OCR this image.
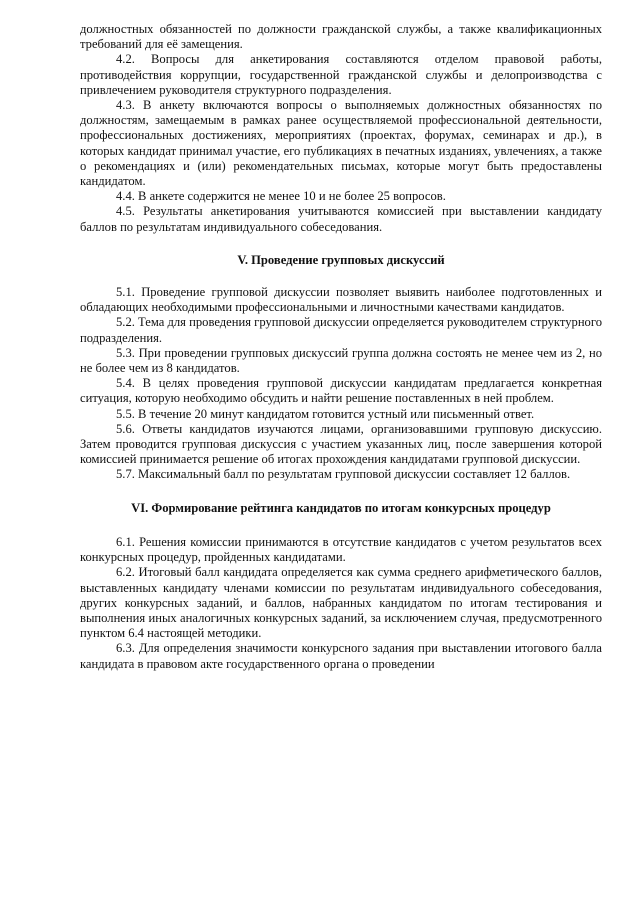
должностных обязанностей по должности гражданской службы, а также квалификационных требований для её замещения.

4.2. Вопросы для анкетирования составляются отделом правовой работы, противодействия коррупции, государственной гражданской службы и делопроизводства с привлечением руководителя структурного подразделения.

4.3. В анкету включаются вопросы о выполняемых должностных обязанностях по должностям, замещаемым в рамках ранее осуществляемой профессиональной деятельности, профессиональных достижениях, мероприятиях (проектах, форумах, семинарах и др.), в которых кандидат принимал участие, его публикациях в печатных изданиях, увлечениях, а также о рекомендациях и (или) рекомендательных письмах, которые могут быть предоставлены кандидатом.

4.4. В анкете содержится не менее 10 и не более 25 вопросов.

4.5. Результаты анкетирования учитываются комиссией при выставлении кандидату баллов по результатам индивидуального собеседования.

V. Проведение групповых дискуссий

5.1. Проведение групповой дискуссии позволяет выявить наиболее подготовленных и обладающих необходимыми профессиональными и личностными качествами кандидатов.

5.2. Тема для проведения групповой дискуссии определяется руководителем структурного подразделения.

5.3. При проведении групповых дискуссий группа должна состоять не менее чем из 2, но не более чем из 8 кандидатов.

5.4. В целях проведения групповой дискуссии кандидатам предлагается конкретная ситуация, которую необходимо обсудить и найти решение поставленных в ней проблем.

5.5. В течение 20 минут кандидатом готовится устный или письменный ответ.

5.6. Ответы кандидатов изучаются лицами, организовавшими групповую дискуссию. Затем проводится групповая дискуссия с участием указанных лиц, после завершения которой комиссией принимается решение об итогах прохождения кандидатами групповой дискуссии.

5.7. Максимальный балл по результатам групповой дискуссии составляет 12 баллов.

VI. Формирование рейтинга кандидатов по итогам конкурсных процедур

6.1. Решения комиссии принимаются в отсутствие кандидатов с учетом результатов всех конкурсных процедур, пройденных кандидатами.

6.2. Итоговый балл кандидата определяется как сумма среднего арифметического баллов, выставленных кандидату членами комиссии по результатам индивидуального собеседования, других конкурсных заданий, и баллов, набранных кандидатом по итогам тестирования и выполнения иных аналогичных конкурсных заданий, за исключением случая, предусмотренного пунктом 6.4 настоящей методики.

6.3. Для определения значимости конкурсного задания при выставлении итогового балла кандидата в правовом акте государственного органа о проведении
